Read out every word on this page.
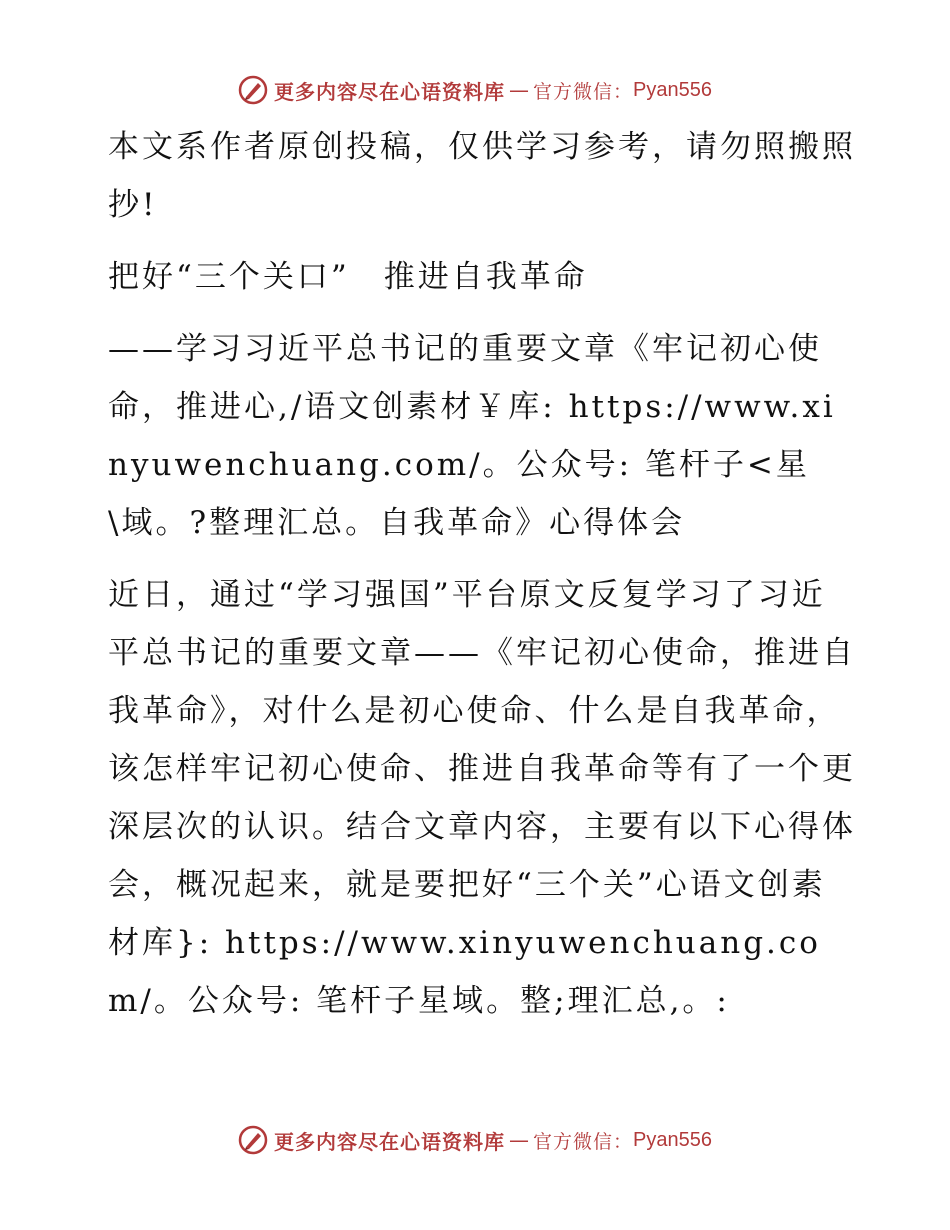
更多内容尽在心语资料库 — 官方微信： Pyan556

本文系作者原创投稿，仅供学习参考，请勿照搬照抄!

把好“三个关口”　推进自我革命

——学习习近平总书记的重要文章《牢记初心使命，推进心,/语文创素材￥库: https://www.xinyuwenchuang.com/。公众号: 笔杆子<星\域。?整理汇总。自我革命》心得体会

近日，通过“学习强国”平台原文反复学习了习近平总书记的重要文章——《牢记初心使命，推进自我革命》，对什么是初心使命、什么是自我革命，该怎样牢记初心使命、推进自我革命等有了一个更深层次的认识。结合文章内容，主要有以下心得体会，概况起来，就是要把好“三个关”心语文创素材库}: https://www.xinyuwenchuang.com/。公众号: 笔杆子星域。整;理汇总,。:

更多内容尽在心语资料库 — 官方微信： Pyan556
